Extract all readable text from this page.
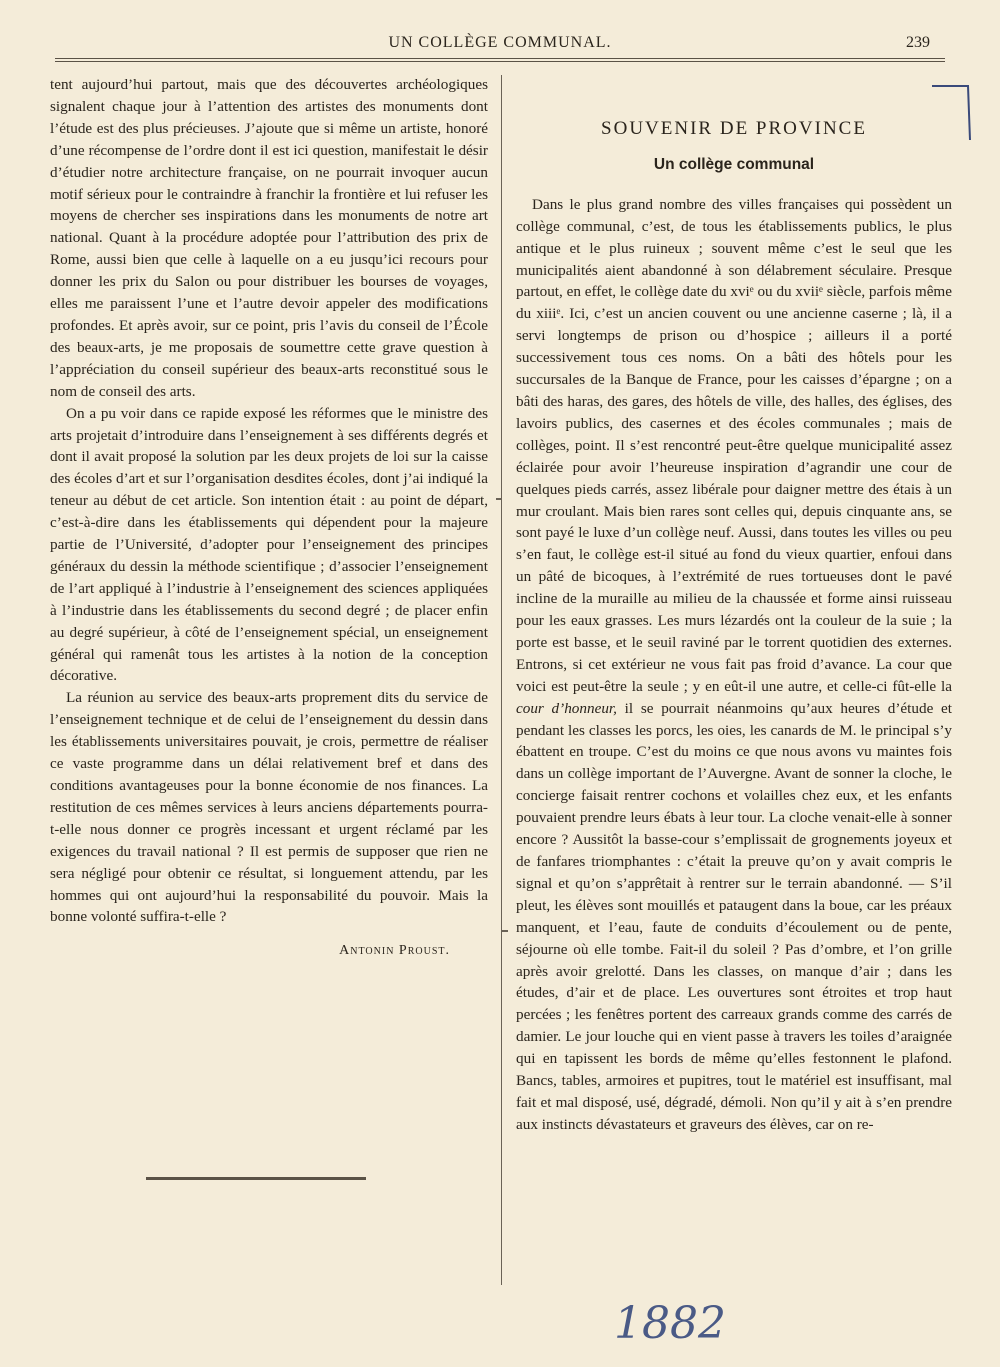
UN COLLÈGE COMMUNAL.	239

tent aujourd’hui partout, mais que des découvertes archéologiques signalent chaque jour à l’attention des artistes des monuments dont l’étude est des plus précieuses. J’ajoute que si même un artiste, honoré d’une récompense de l’ordre dont il est ici question, manifestait le désir d’étudier notre architecture française, on ne pourrait invoquer aucun motif sérieux pour le contraindre à franchir la frontière et lui refuser les moyens de chercher ses inspirations dans les monuments de notre art national. Quant à la procédure adoptée pour l’attribution des prix de Rome, aussi bien que celle à laquelle on a eu jusqu’ici recours pour donner les prix du Salon ou pour distribuer les bourses de voyages, elles me paraissent l’une et l’autre devoir appeler des modifications profondes. Et après avoir, sur ce point, pris l’avis du conseil de l’École des beaux-arts, je me proposais de soumettre cette grave question à l’appréciation du conseil supérieur des beaux-arts reconstitué sous le nom de conseil des arts.

On a pu voir dans ce rapide exposé les réformes que le ministre des arts projetait d’introduire dans l’enseignement à ses différents degrés et dont il avait proposé la solution par les deux projets de loi sur la caisse des écoles d’art et sur l’organisation desdites écoles, dont j’ai indiqué la teneur au début de cet article. Son intention était : au point de départ, c’est-à-dire dans les établissements qui dépendent pour la majeure partie de l’Université, d’adopter pour l’enseignement des principes généraux du dessin la méthode scientifique ; d’associer l’enseignement de l’art appliqué à l’industrie à l’enseignement des sciences appliquées à l’industrie dans les établissements du second degré ; de placer enfin au degré supérieur, à côté de l’enseignement spécial, un enseignement général qui ramenât tous les artistes à la notion de la conception décorative.

La réunion au service des beaux-arts proprement dits du service de l’enseignement technique et de celui de l’enseignement du dessin dans les établissements universitaires pouvait, je crois, permettre de réaliser ce vaste programme dans un délai relativement bref et dans des conditions avantageuses pour la bonne économie de nos finances. La restitution de ces mêmes services à leurs anciens départements pourra-t-elle nous donner ce progrès incessant et urgent réclamé par les exigences du travail national ? Il est permis de supposer que rien ne sera négligé pour obtenir ce résultat, si longuement attendu, par les hommes qui ont aujourd’hui la responsabilité du pouvoir. Mais la bonne volonté suffira-t-elle ?

Antonin Proust.
SOUVENIR DE PROVINCE
Un collège communal

Dans le plus grand nombre des villes françaises qui possèdent un collège communal, c’est, de tous les établissements publics, le plus antique et le plus ruineux ; souvent même c’est le seul que les municipalités aient abandonné à son délabrement séculaire. Presque partout, en effet, le collège date du xviᵉ ou du xviiᵉ siècle, parfois même du xiiiᵉ. Ici, c’est un ancien couvent ou une ancienne caserne ; là, il a servi longtemps de prison ou d’hospice ; ailleurs il a porté successivement tous ces noms. On a bâti des hôtels pour les succursales de la Banque de France, pour les caisses d’épargne ; on a bâti des haras, des gares, des hôtels de ville, des halles, des églises, des lavoirs publics, des casernes et des écoles communales ; mais de collèges, point. Il s’est rencontré peut-être quelque municipalité assez éclairée pour avoir l’heureuse inspiration d’agrandir une cour de quelques pieds carrés, assez libérale pour daigner mettre des étais à un mur croulant. Mais bien rares sont celles qui, depuis cinquante ans, se sont payé le luxe d’un collège neuf. Aussi, dans toutes les villes ou peu s’en faut, le collège est-il situé au fond du vieux quartier, enfoui dans un pâté de bicoques, à l’extrémité de rues tortueuses dont le pavé incline de la muraille au milieu de la chaussée et forme ainsi ruisseau pour les eaux grasses. Les murs lézardés ont la couleur de la suie ; la porte est basse, et le seuil raviné par le torrent quotidien des externes. Entrons, si cet extérieur ne vous fait pas froid d’avance. La cour que voici est peut-être la seule ; y en eût-il une autre, et celle-ci fût-elle la cour d’honneur, il se pourrait néanmoins qu’aux heures d’étude et pendant les classes les porcs, les oies, les canards de M. le principal s’y ébattent en troupe. C’est du moins ce que nous avons vu maintes fois dans un collège important de l’Auvergne. Avant de sonner la cloche, le concierge faisait rentrer cochons et volailles chez eux, et les enfants pouvaient prendre leurs ébats à leur tour. La cloche venait-elle à sonner encore ? Aussitôt la basse-cour s’emplissait de grognements joyeux et de fanfares triomphantes : c’était la preuve qu’on y avait compris le signal et qu’on s’apprêtait à rentrer sur le terrain abandonné. — S’il pleut, les élèves sont mouillés et pataugent dans la boue, car les préaux manquent, et l’eau, faute de conduits d’écoulement ou de pente, séjourne où elle tombe. Fait-il du soleil ? Pas d’ombre, et l’on grille après avoir grelotté. Dans les classes, on manque d’air ; dans les études, d’air et de place. Les ouvertures sont étroites et trop haut percées ; les fenêtres portent des carreaux grands comme des carrés de damier. Le jour louche qui en vient passe à travers les toiles d’araignée qui en tapissent les bords de même qu’elles festonnent le plafond. Bancs, tables, armoires et pupitres, tout le matériel est insuffisant, mal fait et mal disposé, usé, dégradé, démoli. Non qu’il y ait à s’en prendre aux instincts dévastateurs et graveurs des élèves, car on re-

1882
